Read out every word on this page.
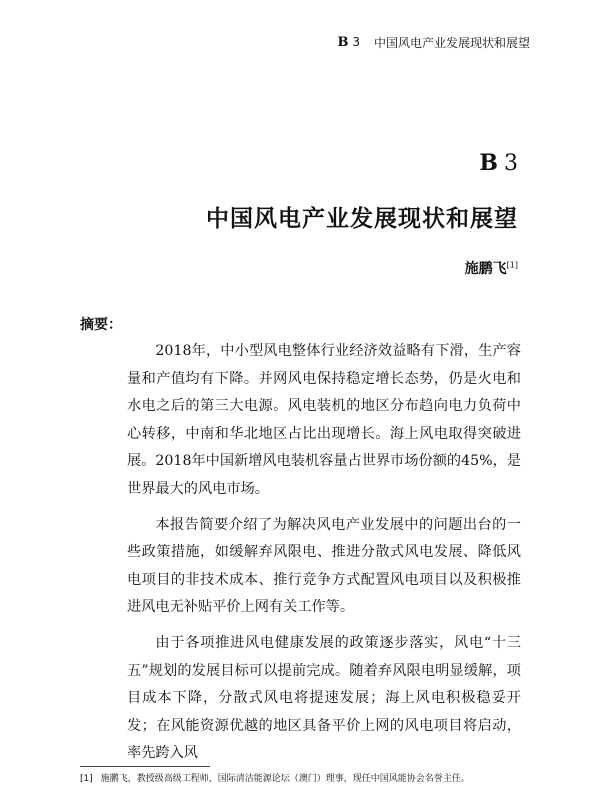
B 3 中国风电产业发展现状和展望
B 3
中国风电产业发展现状和展望
施鹏飞[1]
摘要：

2018年，中小型风电整体行业经济效益略有下滑，生产容量和产值均有下降。并网风电保持稳定增长态势，仍是火电和水电之后的第三大电源。风电装机的地区分布趋向电力负荷中心转移，中南和华北地区占比出现增长。海上风电取得突破进展。2018年中国新增风电装机容量占世界市场份额的45%，是世界最大的风电市场。

本报告简要介绍了为解决风电产业发展中的问题出台的一些政策措施，如缓解弃风限电、推进分散式风电发展、降低风电项目的非技术成本、推行竞争方式配置风电项目以及积极推进风电无补贴平价上网有关工作等。

由于各项推进风电健康发展的政策逐步落实，风电“十三五”规划的发展目标可以提前完成。随着弃风限电明显缓解，项目成本下降，分散式风电将提速发展；海上风电积极稳妥开发；在风能资源优越的地区具备平价上网的风电项目将启动，率先跨入风

[1] 施鹏飞，教授级高级工程师，国际清洁能源论坛（澳门）理事，现任中国风能协会名誉主任。
